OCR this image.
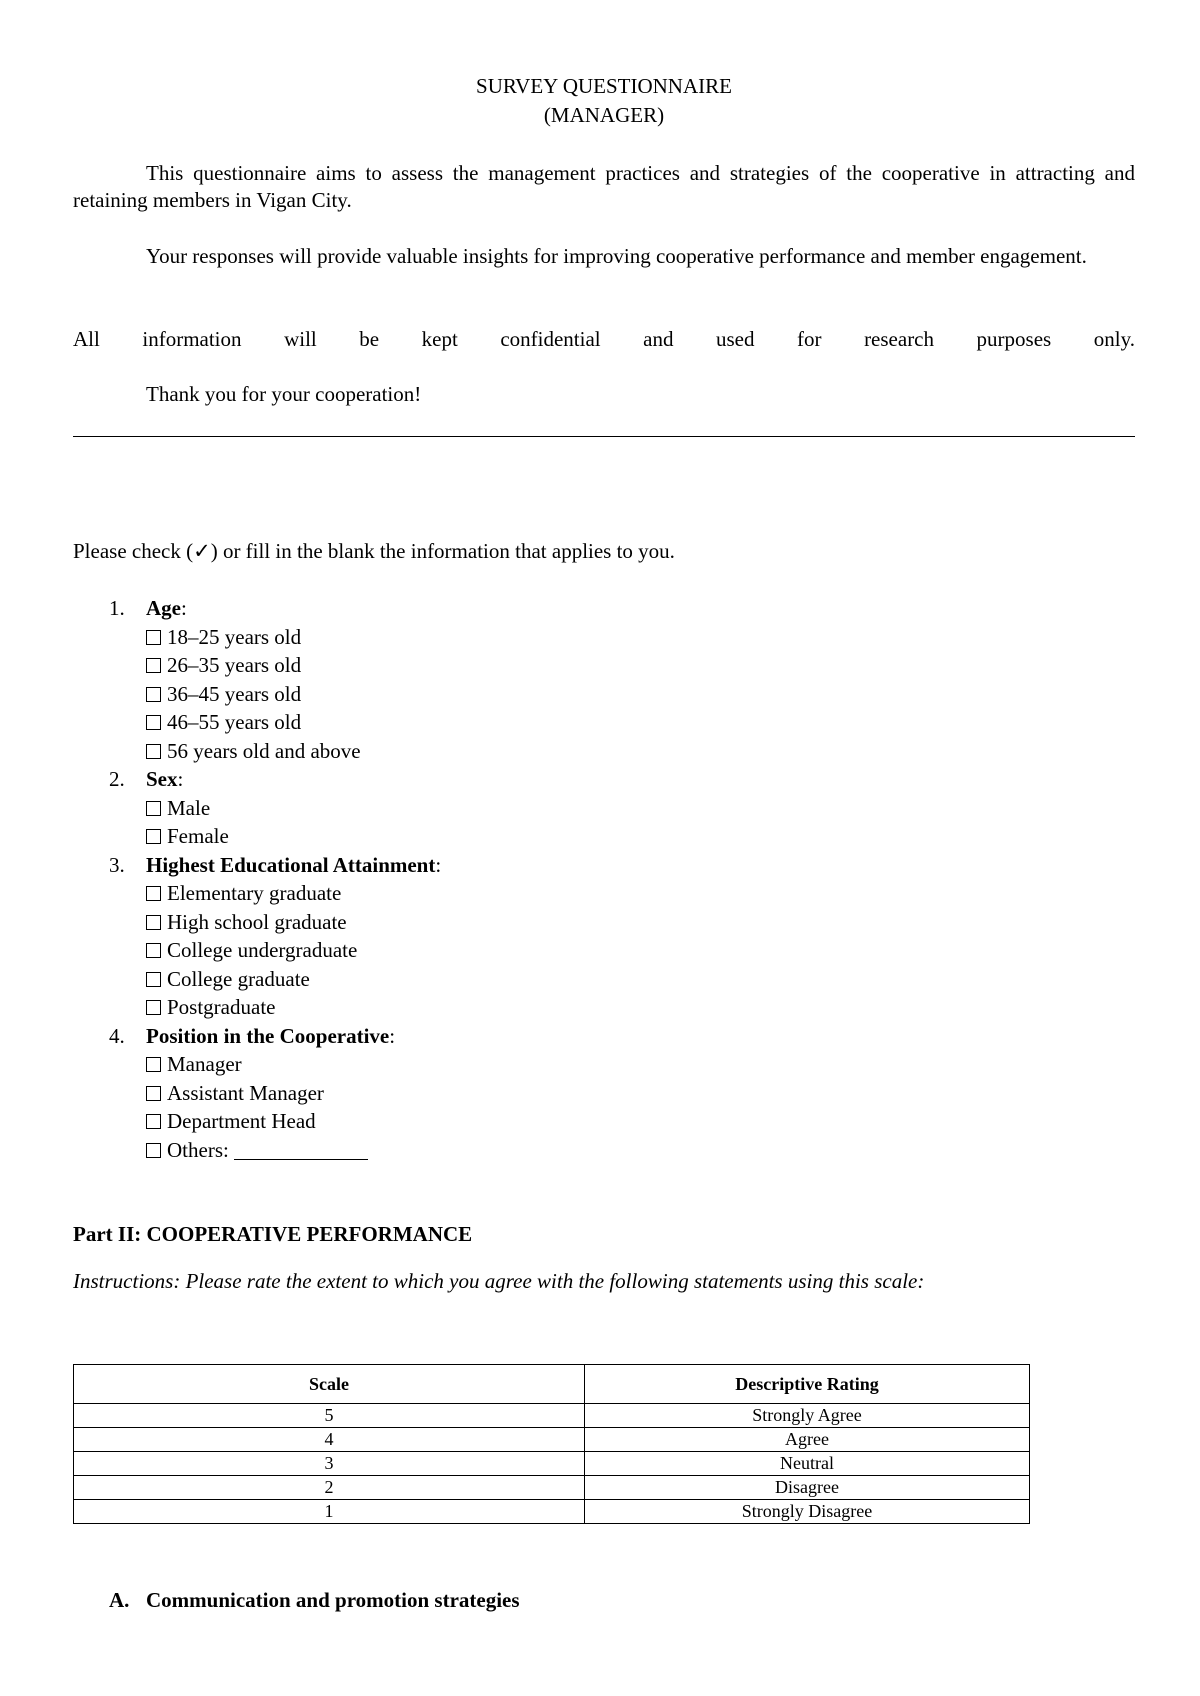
SURVEY QUESTIONNAIRE
(MANAGER)
This questionnaire aims to assess the management practices and strategies of the cooperative in attracting and retaining members in Vigan City.
Your responses will provide valuable insights for improving cooperative performance and member engagement.
All information will be kept confidential and used for research purposes only.
Thank you for your cooperation!
Please check (✓) or fill in the blank the information that applies to you.
1. Age:
18–25 years old
26–35 years old
36–45 years old
46–55 years old
56 years old and above
2. Sex:
Male
Female
3. Highest Educational Attainment:
Elementary graduate
High school graduate
College undergraduate
College graduate
Postgraduate
4. Position in the Cooperative:
Manager
Assistant Manager
Department Head
Others:
Part II: COOPERATIVE PERFORMANCE
Instructions: Please rate the extent to which you agree with the following statements using this scale:
Scale	Descriptive Rating
5	Strongly Agree
4	Agree
3	Neutral
2	Disagree
1	Strongly Disagree
A. Communication and promotion strategies
